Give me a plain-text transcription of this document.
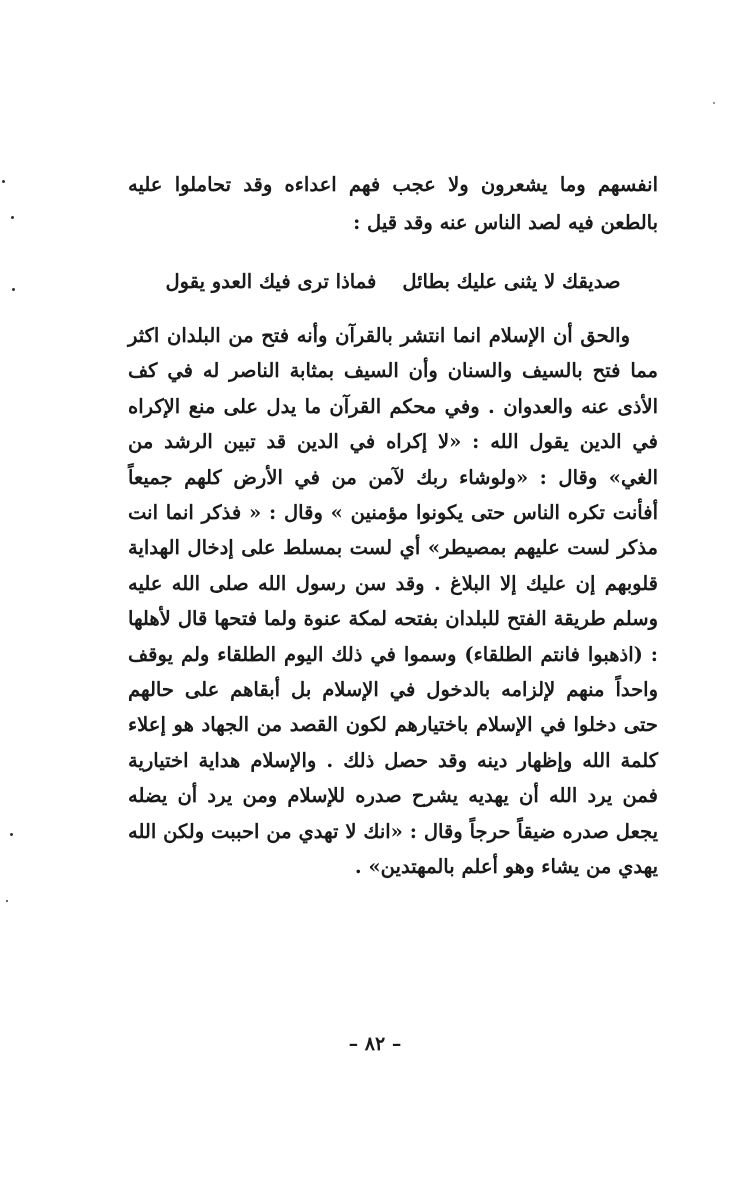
انفسهم وما يشعرون ولا عجب فهم اعداءه وقد تحاملوا عليه بالطعن فيه لصد الناس عنه وقد قيل :
صديقك لا يثنى عليك بطائل
فماذا ترى فيك العدو يقول

والحق أن الإسلام انما انتشر بالقرآن وأنه فتح من البلدان اكثر مما فتح بالسيف والسنان وأن السيف بمثابة الناصر له في كف الأذى عنه والعدوان . وفي محكم القرآن ما يدل على منع الإكراه في الدين يقول الله : «لا إكراه في الدين قد تبين الرشد من الغي» وقال : «ولوشاء ربك لآمن من في الأرض كلهم جميعاً أفأنت تكره الناس حتى يكونوا مؤمنين » وقال : « فذكر انما انت مذكر لست عليهم بمصيطر» أي لست بمسلط على إدخال الهداية قلوبهم إن عليك إلا البلاغ . وقد سن رسول الله صلى الله عليه وسلم طريقة الفتح للبلدان بفتحه لمكة عنوة ولما فتحها قال لأهلها : (اذهبوا فانتم الطلقاء) وسموا في ذلك اليوم الطلقاء ولم يوقف واحداً منهم لإلزامه بالدخول في الإسلام بل أبقاهم على حالهم حتى دخلوا في الإسلام باختيارهم لكون القصد من الجهاد هو إعلاء كلمة الله وإظهار دينه وقد حصل ذلك . والإسلام هداية اختيارية فمن يرد الله أن يهديه يشرح صدره للإسلام ومن يرد أن يضله يجعل صدره ضيقاً حرجاً وقال : «انك لا تهدي من احببت ولكن الله يهدي من يشاء وهو أعلم بالمهتدين» .

– ٨٢ –
